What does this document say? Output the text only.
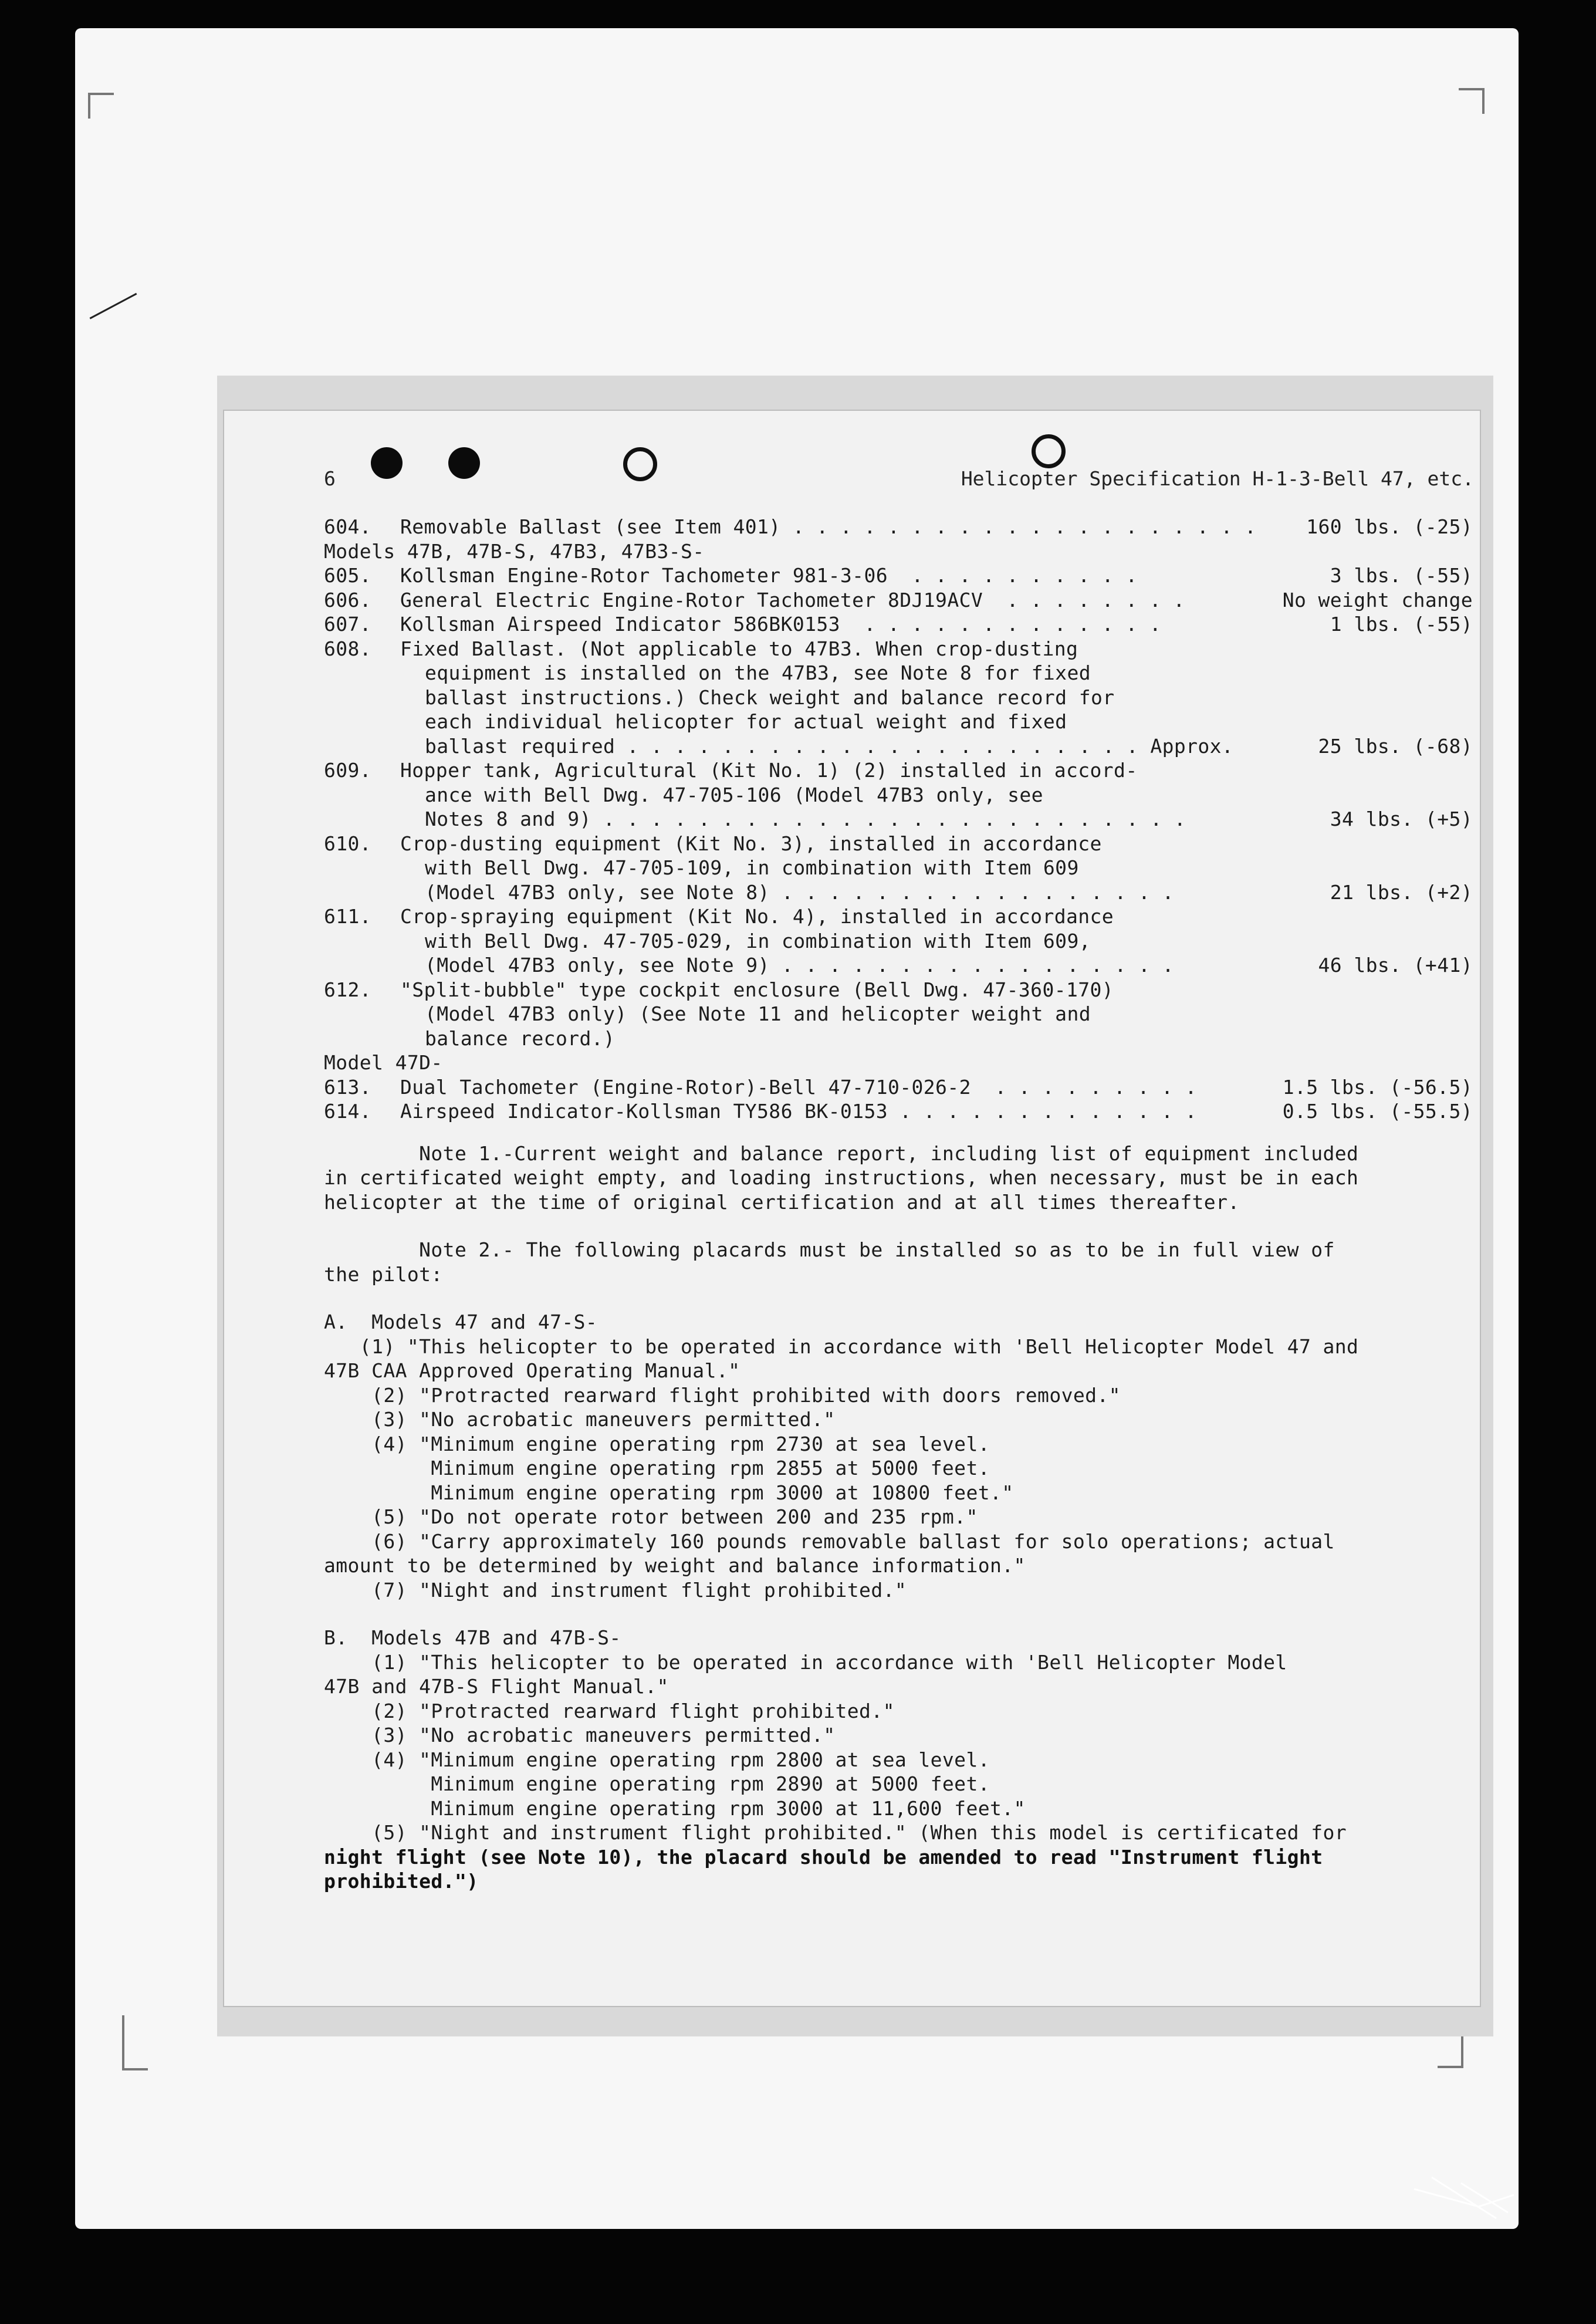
6	Helicopter Specification H-1-3-Bell 47, etc.
604.	Removable Ballast (see Item 401) . . . . . . . . . . . . . . . . . . . .	160 lbs. (-25)
Models 47B, 47B-S, 47B3, 47B3-S-
605.	Kollsman Engine-Rotor Tachometer 981-3-06  . . . . . . . . . .	3 lbs. (-55)
606.	General Electric Engine-Rotor Tachometer 8DJ19ACV  . . . . . . . .	No weight change
607.	Kollsman Airspeed Indicator 586BK0153  . . . . . . . . . . . . .	1 lbs. (-55)
608.	Fixed Ballast. (Not applicable to 47B3. When crop-dusting
equipment is installed on the 47B3, see Note 8 for fixed
ballast instructions.) Check weight and balance record for
each individual helicopter for actual weight and fixed
ballast required . . . . . . . . . . . . . . . . . . . . . . Approx.	25 lbs. (-68)
609.	Hopper tank, Agricultural (Kit No. 1) (2) installed in accord-
ance with Bell Dwg. 47-705-106 (Model 47B3 only, see
Notes 8 and 9) . . . . . . . . . . . . . . . . . . . . . . . . .	34 lbs. (+5)
610.	Crop-dusting equipment (Kit No. 3), installed in accordance
with Bell Dwg. 47-705-109, in combination with Item 609
(Model 47B3 only, see Note 8) . . . . . . . . . . . . . . . . .	21 lbs. (+2)
611.	Crop-spraying equipment (Kit No. 4), installed in accordance
with Bell Dwg. 47-705-029, in combination with Item 609,
(Model 47B3 only, see Note 9) . . . . . . . . . . . . . . . . .	46 lbs. (+41)
612.	"Split-bubble" type cockpit enclosure (Bell Dwg. 47-360-170)
(Model 47B3 only) (See Note 11 and helicopter weight and
balance record.)
Model 47D-
613.	Dual Tachometer (Engine-Rotor)-Bell 47-710-026-2  . . . . . . . . .	1.5 lbs. (-56.5)
614.	Airspeed Indicator-Kollsman TY586 BK-0153 . . . . . . . . . . . . .	0.5 lbs. (-55.5)
Note 1.-Current weight and balance report, including list of equipment included
in certificated weight empty, and loading instructions, when necessary, must be in each
helicopter at the time of original certification and at all times thereafter.
Note 2.- The following placards must be installed so as to be in full view of
the pilot:
A.  Models 47 and 47-S-
(1) "This helicopter to be operated in accordance with 'Bell Helicopter Model 47 and
47B CAA Approved Operating Manual."
(2) "Protracted rearward flight prohibited with doors removed."
(3) "No acrobatic maneuvers permitted."
(4) "Minimum engine operating rpm 2730 at sea level.
Minimum engine operating rpm 2855 at 5000 feet.
Minimum engine operating rpm 3000 at 10800 feet."
(5) "Do not operate rotor between 200 and 235 rpm."
(6) "Carry approximately 160 pounds removable ballast for solo operations; actual
amount to be determined by weight and balance information."
(7) "Night and instrument flight prohibited."
B.  Models 47B and 47B-S-
(1) "This helicopter to be operated in accordance with 'Bell Helicopter Model
47B and 47B-S Flight Manual."
(2) "Protracted rearward flight prohibited."
(3) "No acrobatic maneuvers permitted."
(4) "Minimum engine operating rpm 2800 at sea level.
Minimum engine operating rpm 2890 at 5000 feet.
Minimum engine operating rpm 3000 at 11,600 feet."
(5) "Night and instrument flight prohibited." (When this model is certificated for
night flight (see Note 10), the placard should be amended to read "Instrument flight
prohibited.")
